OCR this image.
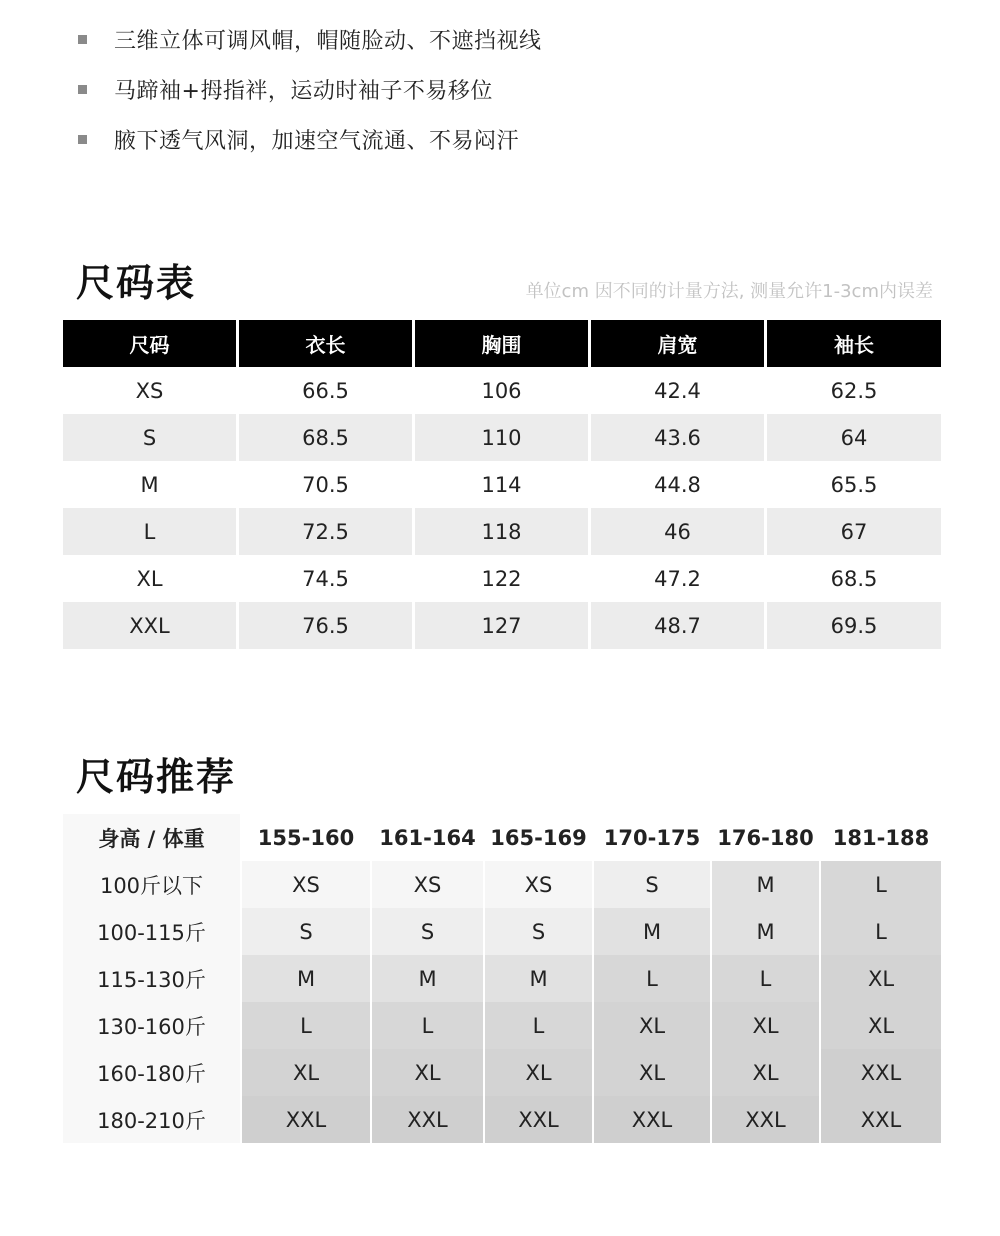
三维立体可调风帽，帽随脸动、不遮挡视线
马蹄袖+拇指袢，运动时袖子不易移位
腋下透气风洞，加速空气流通、不易闷汗
尺码表	单位cm 因不同的计量方法, 测量允许1-3cm内误差
尺码	衣长	胸围	肩宽	袖长
XS	66.5	106	42.4	62.5
S	68.5	110	43.6	64
M	70.5	114	44.8	65.5
L	72.5	118	46	67
XL	74.5	122	47.2	68.5
XXL	76.5	127	48.7	69.5
尺码推荐
身高 / 体重	155-160	161-164 165-169 170-175 176-180 181-188
100斤以下	XS	XS	XS	S	M	L
100-115斤	S	S	S	M	M	L
115-130斤	M	M	M	L	L	XL
130-160斤	L	L	L	XL	XL	XL
160-180斤	XL	XL	XL	XL	XL	XXL
180-210斤	XXL	XXL	XXL	XXL	XXL	XXL
